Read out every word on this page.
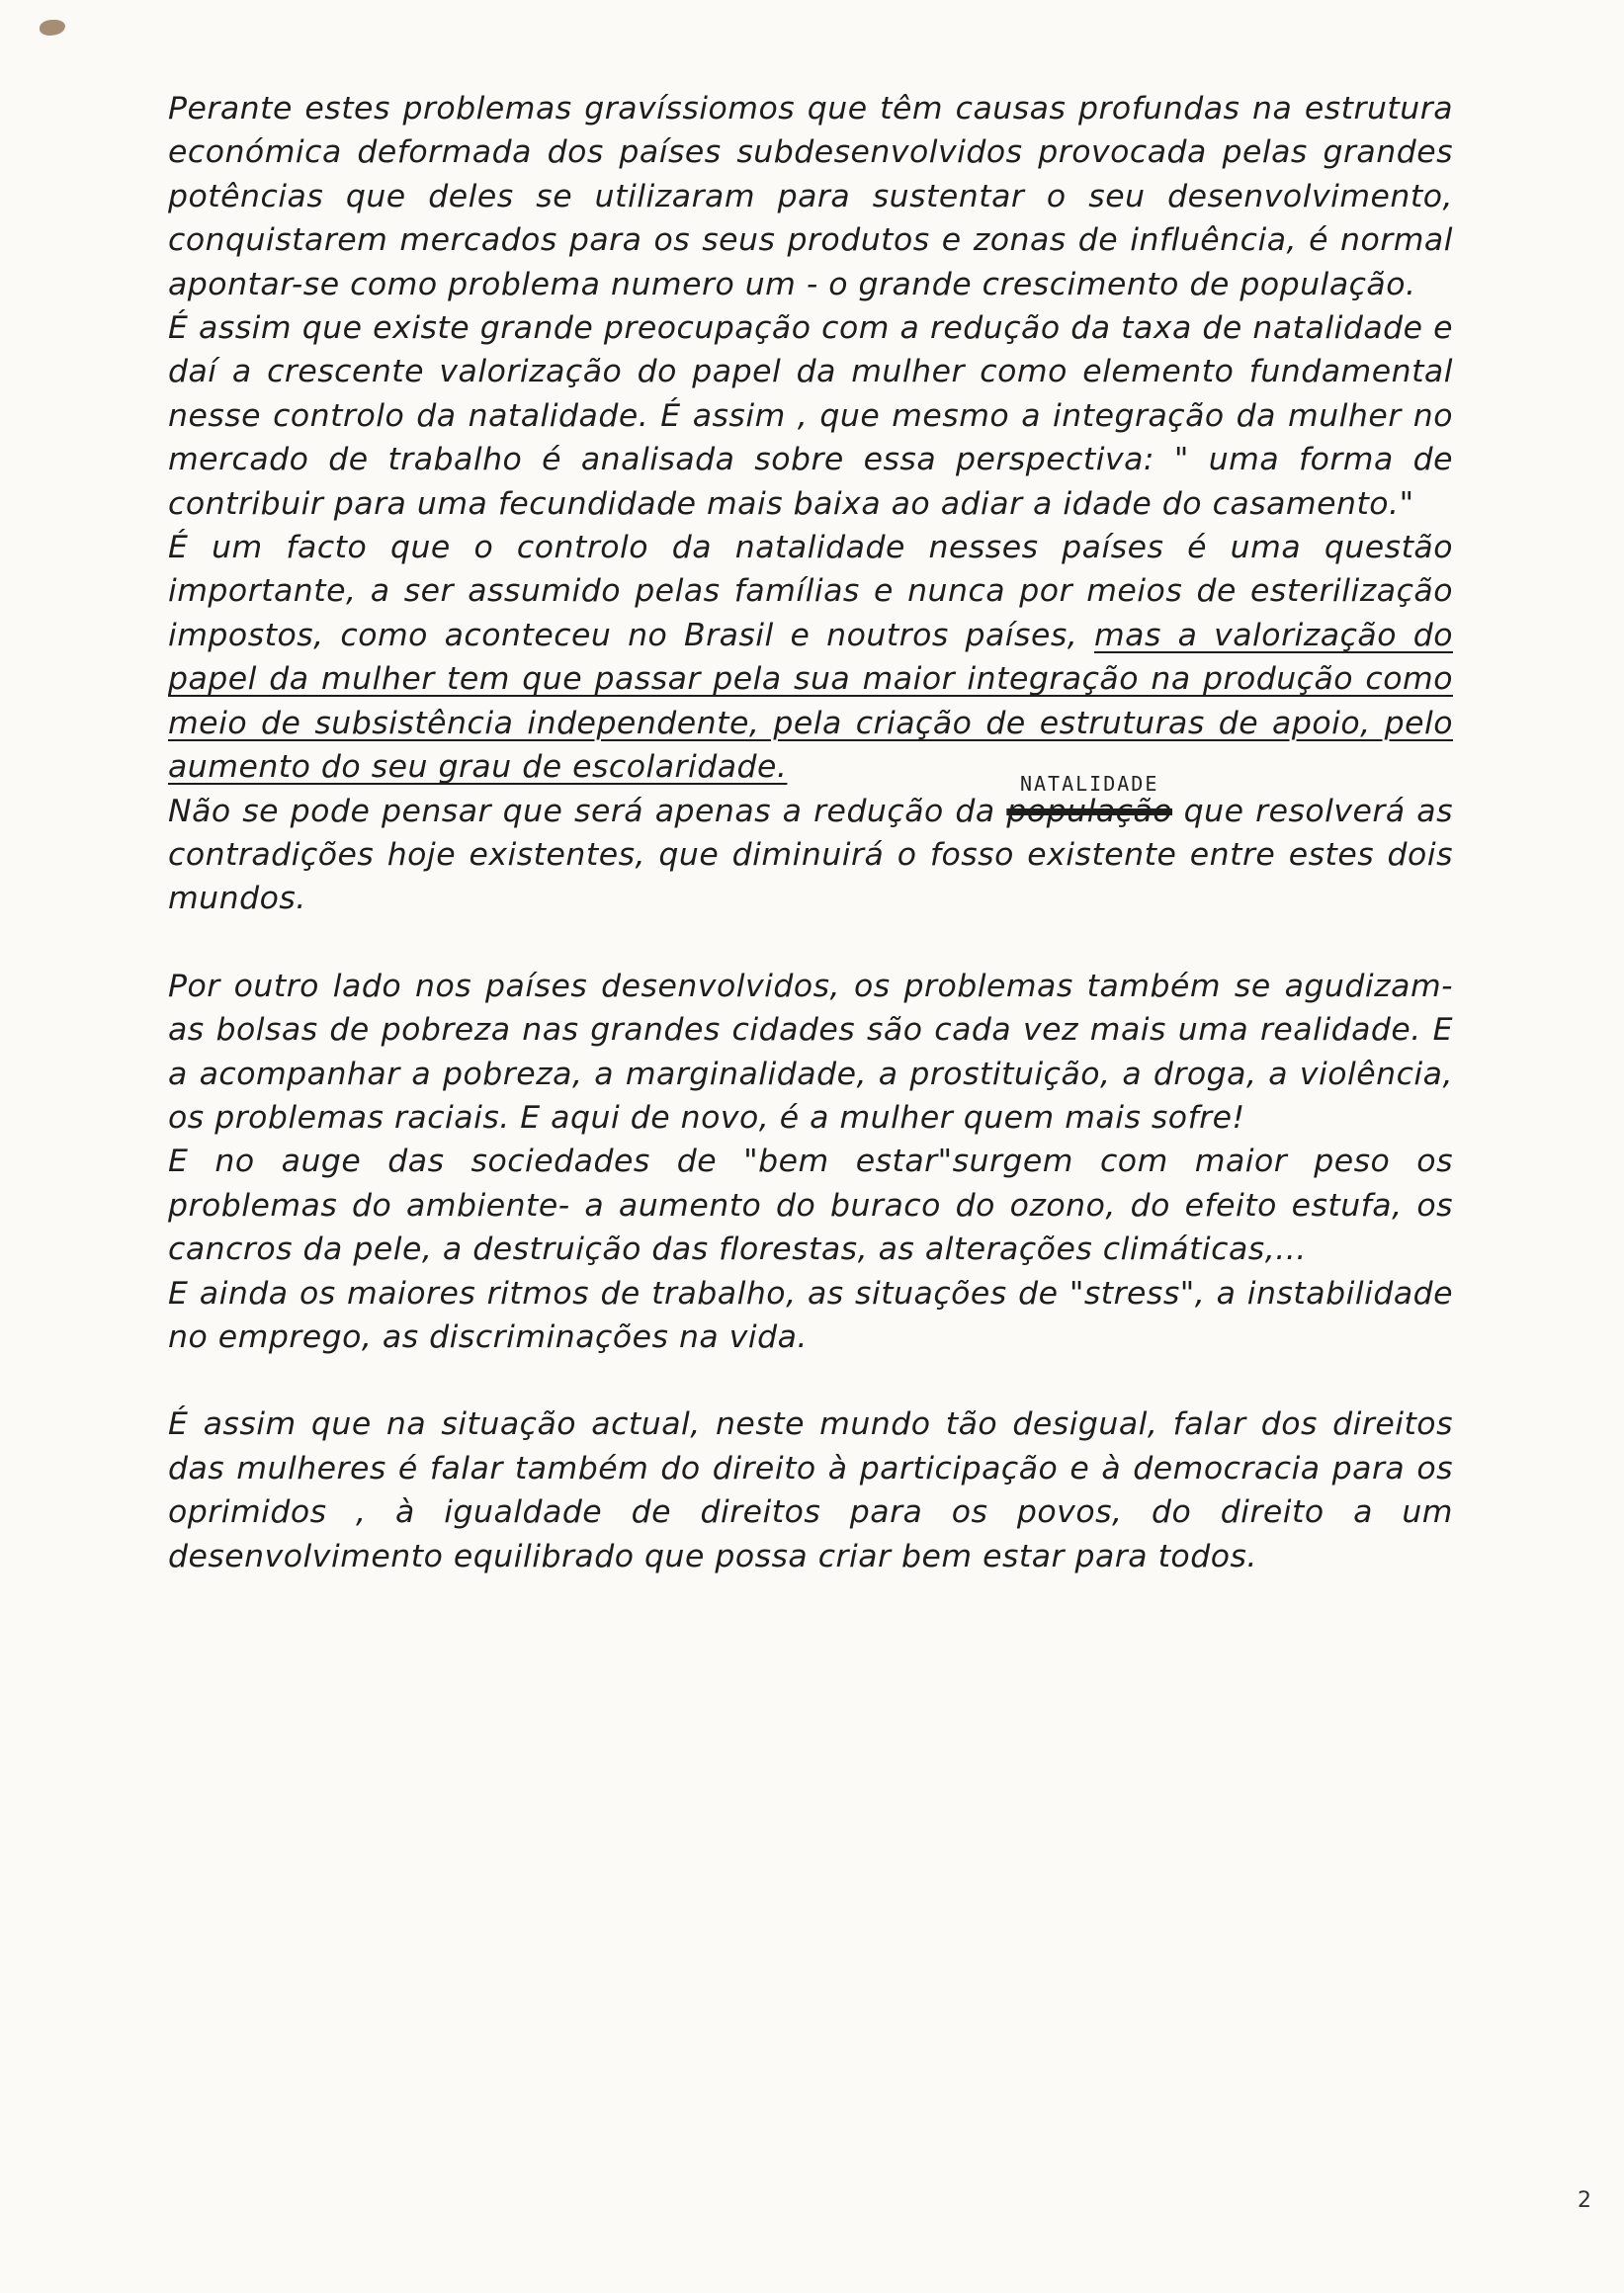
Perante estes problemas gravíssiomos que têm causas profundas na estrutura económica deformada dos países subdesenvolvidos provocada pelas grandes potências que deles se utilizaram para sustentar o seu desenvolvimento, conquistarem mercados para os seus produtos e zonas de influência, é normal apontar-se como problema numero um - o grande crescimento de população.

É assim que existe grande preocupação com a redução da taxa de natalidade e daí a crescente valorização do papel da mulher como elemento fundamental nesse controlo da natalidade. É assim , que mesmo a integração da mulher no mercado de trabalho é analisada sobre essa perspectiva: " uma forma de contribuir para uma fecundidade mais baixa ao adiar a idade do casamento."

É um facto que o controlo da natalidade nesses países é uma questão importante, a ser assumido pelas famílias e nunca por meios de esterilização impostos, como aconteceu no Brasil e noutros países, mas a valorização do papel da mulher tem que passar pela sua maior integração na produção como meio de subsistência independente, pela criação de estruturas de apoio, pelo aumento do seu grau de escolaridade.

Não se pode pensar que será apenas a redução da
NATALIDADE
população que resolverá as contradições hoje existentes, que diminuirá o fosso existente entre estes dois mundos.

Por outro lado nos países desenvolvidos, os problemas também se agudizam- as bolsas de pobreza nas grandes cidades são cada vez mais uma realidade. E a acompanhar a pobreza, a marginalidade, a prostituição, a droga, a violência, os problemas raciais. E aqui de novo, é a mulher quem mais sofre!

E no auge das sociedades de "bem estar"surgem com maior peso os problemas do ambiente- a aumento do buraco do ozono, do efeito estufa, os cancros da pele, a destruição das florestas, as alterações climáticas,...

E ainda os maiores ritmos de trabalho, as situações de "stress", a instabilidade no emprego, as discriminações na vida.

É assim que na situação actual, neste mundo tão desigual, falar dos direitos das mulheres é falar também do direito à participação e à democracia para os oprimidos , à igualdade de direitos para os povos, do direito a um desenvolvimento equilibrado que possa criar bem estar para todos.

2
